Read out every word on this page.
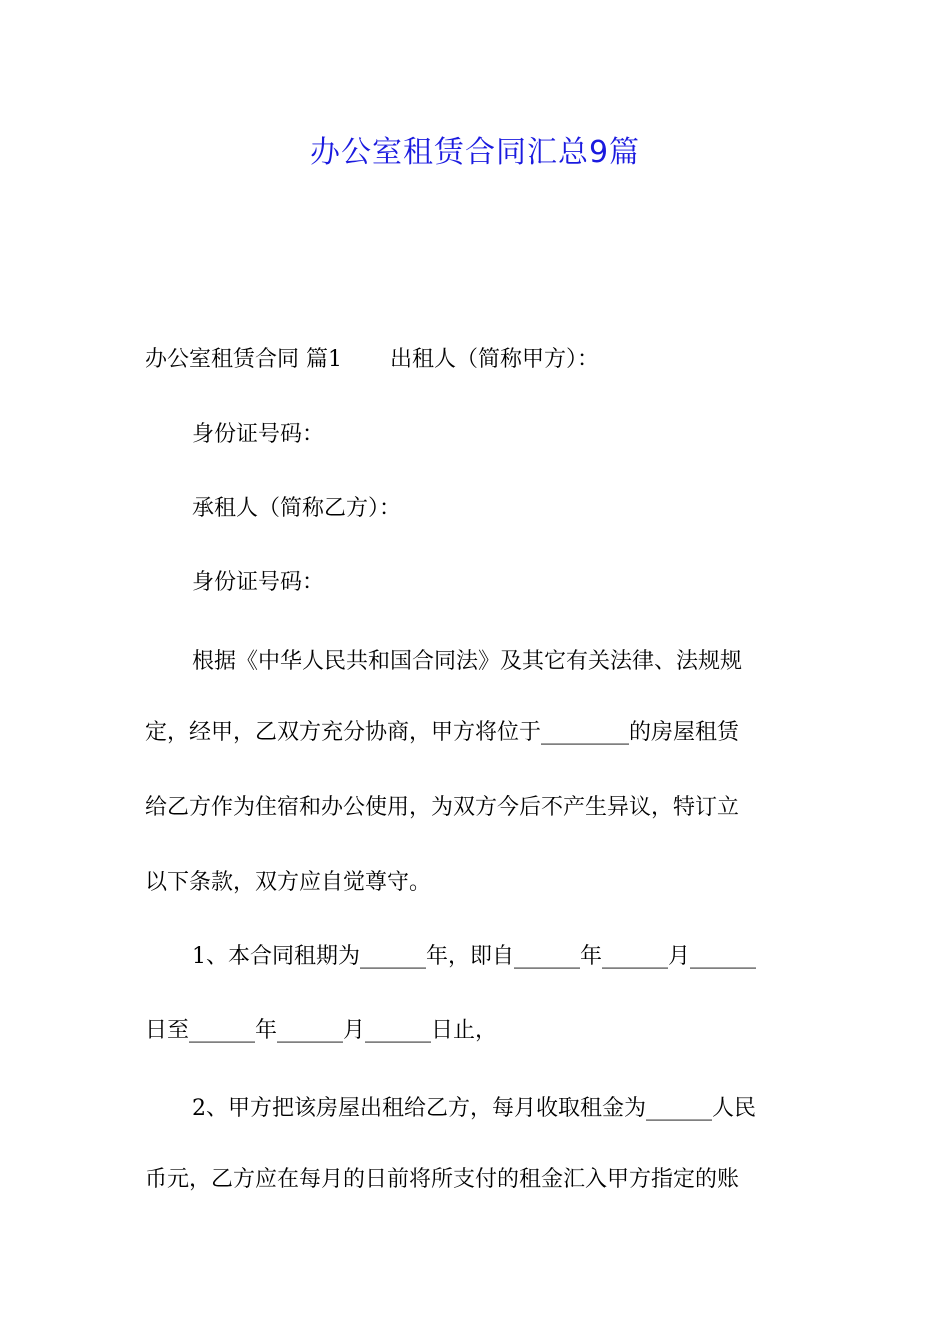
办公室租赁合同汇总9篇
办公室租赁合同 篇1 出租人（简称甲方）：
身份证号码：
承租人（简称乙方）：
身份证号码：
根据《中华人民共和国合同法》及其它有关法律、法规规
定，经甲，乙双方充分协商，甲方将位于________的房屋租赁
给乙方作为住宿和办公使用，为双方今后不产生异议，特订立
以下条款，双方应自觉尊守。
1、本合同租期为______年，即自______年______月______
日至______年______月______日止，
2、甲方把该房屋出租给乙方，每月收取租金为______人民
币元，乙方应在每月的日前将所支付的租金汇入甲方指定的账
